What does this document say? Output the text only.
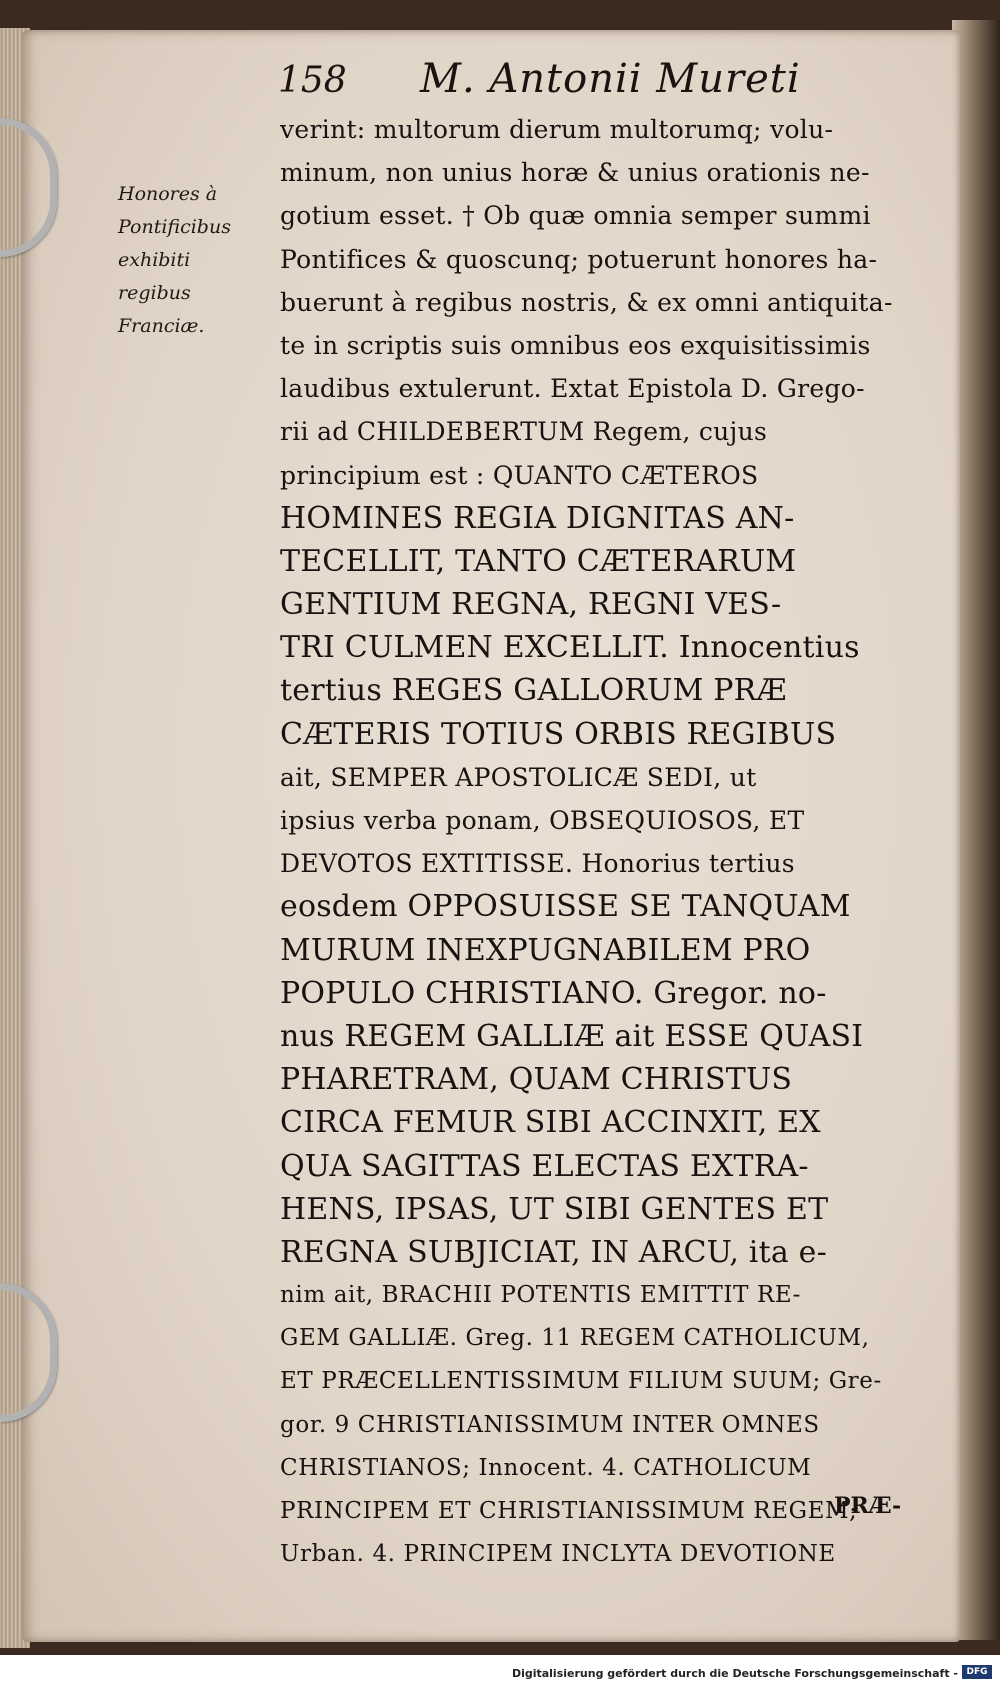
158 M. Antonii Mureti
Honores à
Pontificibus
exhibiti
regibus
Franciæ.
verint: multorum dierum multorumq; volu-
minum, non unius horæ & unius orationis ne-
gotium esset. † Ob quæ omnia semper summi
Pontifices & quoscunq; potuerunt honores ha-
buerunt à regibus nostris, & ex omni antiquita-
te in scriptis suis omnibus eos exquisitissimis
laudibus extulerunt. Extat Epistola D. Grego-
rii ad CHILDEBERTUM Regem, cujus
principium est : QUANTO CÆTEROS
HOMINES REGIA DIGNITAS AN-
TECELLIT, TANTO CÆTERARUM
GENTIUM REGNA, REGNI VES-
TRI CULMEN EXCELLIT. Innocentius
tertius REGES GALLORUM PRÆ
CÆTERIS TOTIUS ORBIS REGIBUS
ait, SEMPER APOSTOLICÆ SEDI, ut
ipsius verba ponam, OBSEQUIOSOS, ET
DEVOTOS EXTITISSE. Honorius tertius
eosdem OPPOSUISSE SE TANQUAM
MURUM INEXPUGNABILEM PRO
POPULO CHRISTIANO. Gregor. no-
nus REGEM GALLIÆ ait ESSE QUASI
PHARETRAM, QUAM CHRISTUS
CIRCA FEMUR SIBI ACCINXIT, EX
QUA SAGITTAS ELECTAS EXTRA-
HENS, IPSAS, UT SIBI GENTES ET
REGNA SUBJICIAT, IN ARCU, ita e-
nim ait, BRACHII POTENTIS EMITTIT RE-
GEM GALLIÆ. Greg. 11 REGEM CATHOLICUM,
ET PRÆCELLENTISSIMUM FILIUM SUUM; Gre-
gor. 9 CHRISTIANISSIMUM INTER OMNES
CHRISTIANOS; Innocent. 4. CATHOLICUM
PRINCIPEM ET CHRISTIANISSIMUM REGEM;
Urban. 4. PRINCIPEM INCLYTA DEVOTIONE
PRÆ-
Digitalisierung gefördert durch die Deutsche Forschungsgemeinschaft - DFG
